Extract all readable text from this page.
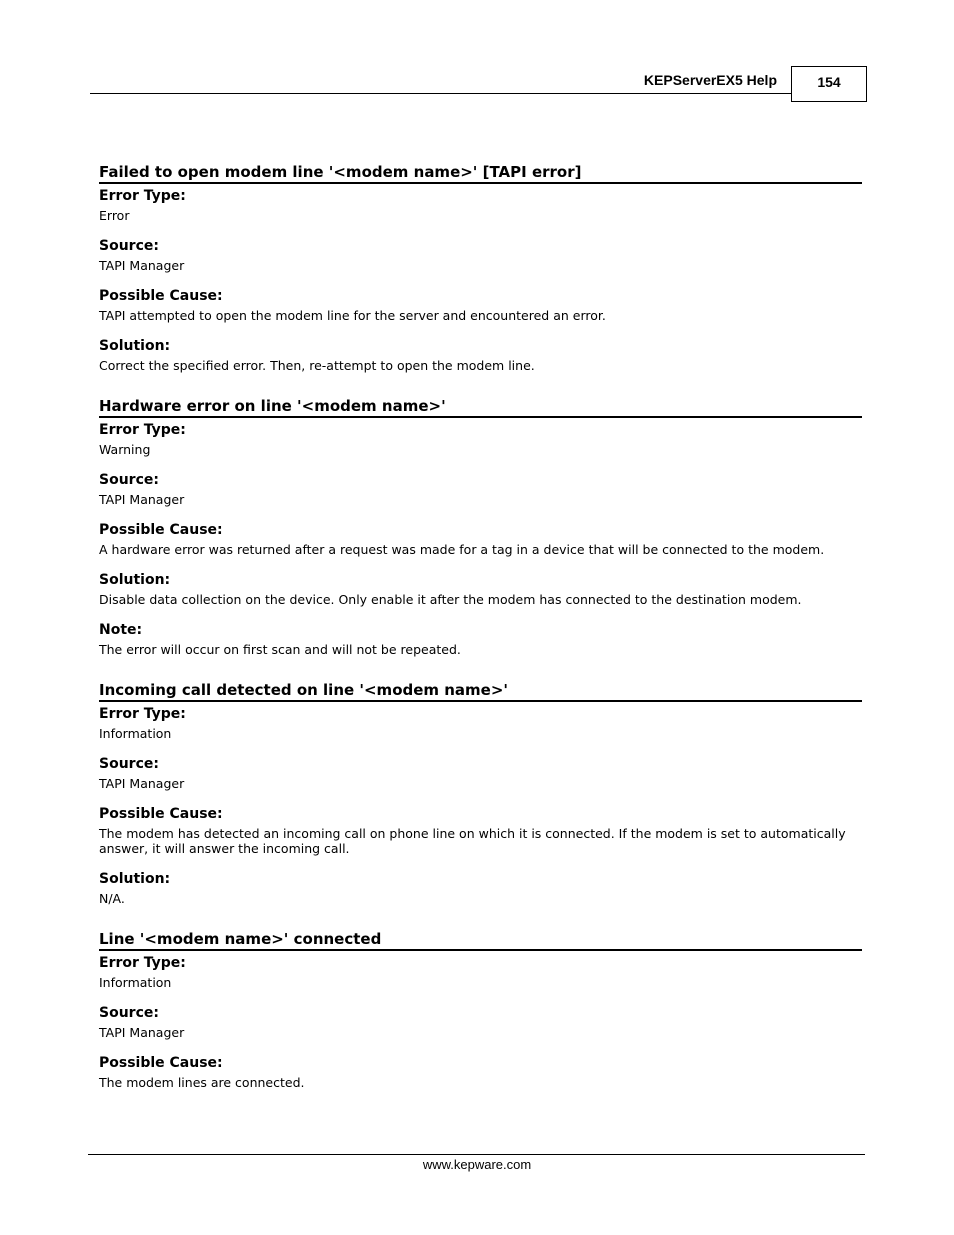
KEPServerEX5 Help	154
Failed to open modem line '<modem name>' [TAPI error]
Error Type:
Error
Source:
TAPI Manager
Possible Cause:
TAPI attempted to open the modem line for the server and encountered an error.
Solution:
Correct the specified error. Then, re-attempt to open the modem line.
Hardware error on line '<modem name>'
Error Type:
Warning
Source:
TAPI Manager
Possible Cause:
A hardware error was returned after a request was made for a tag in a device that will be connected to the modem.
Solution:
Disable data collection on the device. Only enable it after the modem has connected to the destination modem.
Note:
The error will occur on first scan and will not be repeated.
Incoming call detected on line '<modem name>'
Error Type:
Information
Source:
TAPI Manager
Possible Cause:
The modem has detected an incoming call on phone line on which it is connected. If the modem is set to automatically answer, it will answer the incoming call.
Solution:
N/A.
Line '<modem name>' connected
Error Type:
Information
Source:
TAPI Manager
Possible Cause:
The modem lines are connected.
www.kepware.com
